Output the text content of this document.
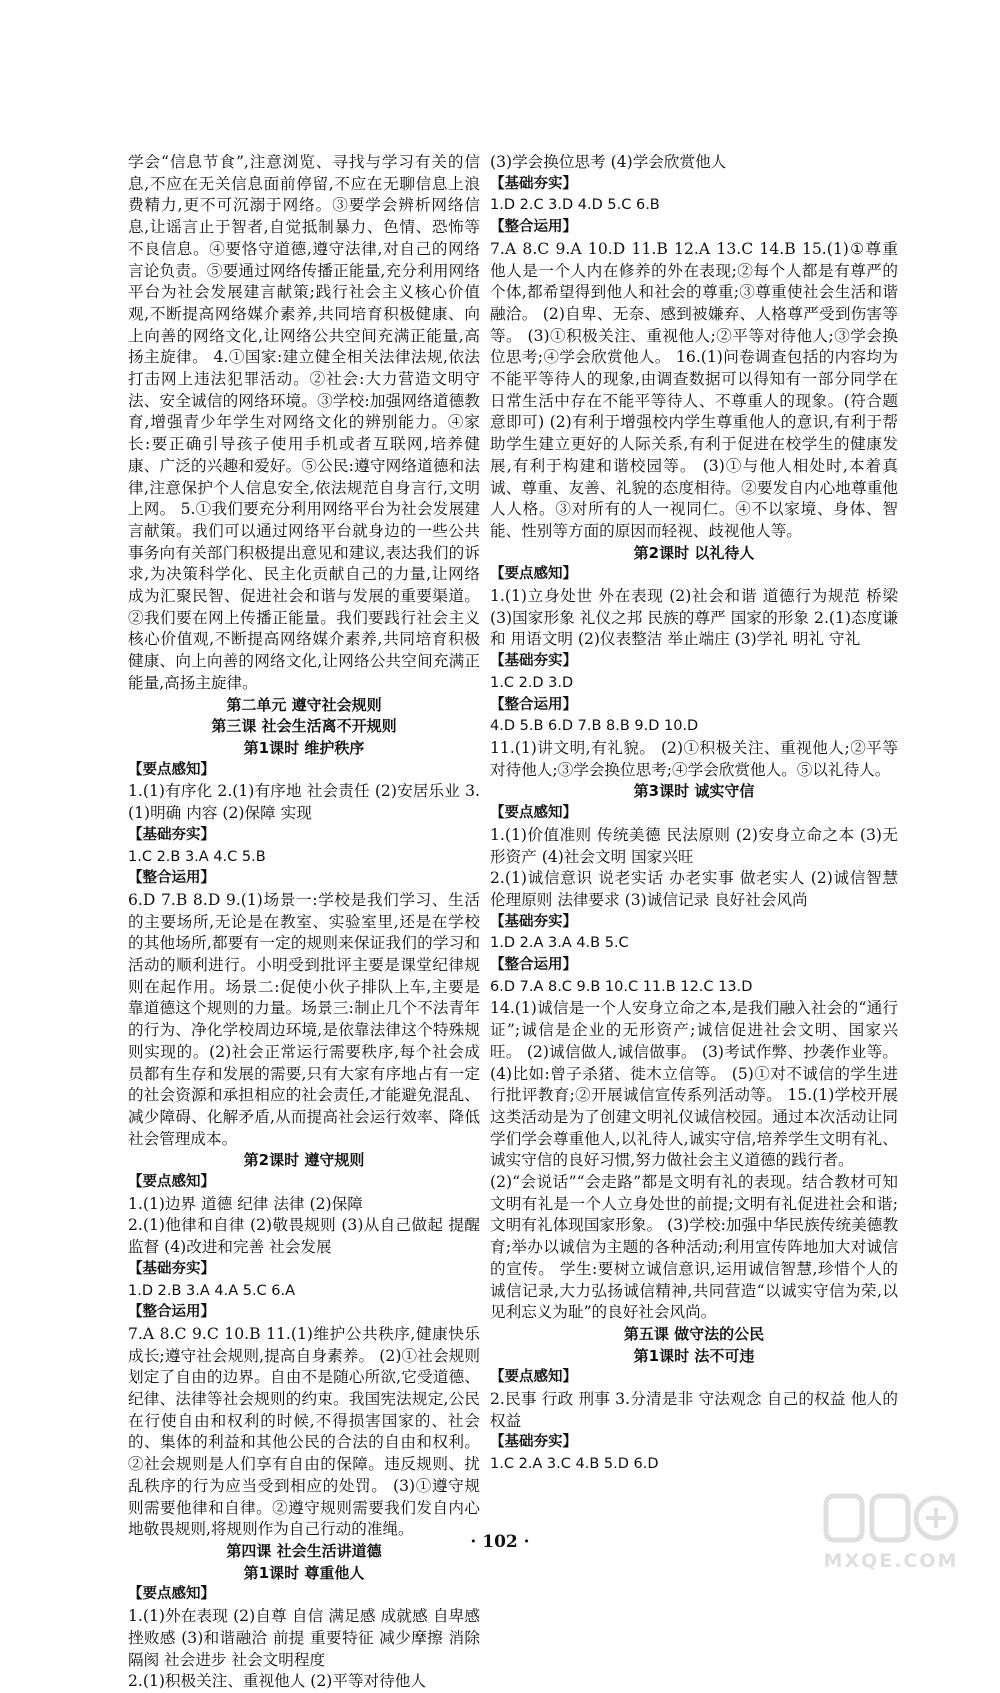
学会“信息节食”,注意浏览、寻找与学习有关的信息,不应在无关信息面前停留,不应在无聊信息上浪费精力,更不可沉溺于网络。③要学会辨析网络信息,让谣言止于智者,自觉抵制暴力、色情、恐怖等不良信息。④要恪守道德,遵守法律,对自己的网络言论负责。⑤要通过网络传播正能量,充分利用网络平台为社会发展建言献策;践行社会主义核心价值观,不断提高网络媒介素养,共同培育积极健康、向上向善的网络文化,让网络公共空间充满正能量,高扬主旋律。 4.①国家:建立健全相关法律法规,依法打击网上违法犯罪活动。②社会:大力营造文明守法、安全诚信的网络环境。③学校:加强网络道德教育,增强青少年学生对网络文化的辨别能力。④家长:要正确引导孩子使用手机或者互联网,培养健康、广泛的兴趣和爱好。⑤公民:遵守网络道德和法律,注意保护个人信息安全,依法规范自身言行,文明上网。 5.①我们要充分利用网络平台为社会发展建言献策。我们可以通过网络平台就身边的一些公共事务向有关部门积极提出意见和建议,表达我们的诉求,为决策科学化、民主化贡献自己的力量,让网络成为汇聚民智、促进社会和谐与发展的重要渠道。②我们要在网上传播正能量。我们要践行社会主义核心价值观,不断提高网络媒介素养,共同培育积极健康、向上向善的网络文化,让网络公共空间充满正能量,高扬主旋律。

第二单元 遵守社会规则
第三课 社会生活离不开规则
第1课时 维护秩序

【要点感知】

1.(1)有序化 2.(1)有序地 社会责任 (2)安居乐业 3.(1)明确 内容 (2)保障 实现

【基础夯实】

1.C 2.B 3.A 4.C 5.B

【整合运用】

6.D 7.B 8.D 9.(1)场景一:学校是我们学习、生活的主要场所,无论是在教室、实验室里,还是在学校的其他场所,都要有一定的规则来保证我们的学习和活动的顺利进行。小明受到批评主要是课堂纪律规则在起作用。场景二:促使小伙子排队上车,主要是靠道德这个规则的力量。场景三:制止几个不法青年的行为、净化学校周边环境,是依靠法律这个特殊规则实现的。(2)社会正常运行需要秩序,每个社会成员都有生存和发展的需要,只有大家有序地占有一定的社会资源和承担相应的社会责任,才能避免混乱、减少障碍、化解矛盾,从而提高社会运行效率、降低社会管理成本。

第2课时 遵守规则

【要点感知】

1.(1)边界 道德 纪律 法律 (2)保障

2.(1)他律和自律 (2)敬畏规则 (3)从自己做起 提醒 监督 (4)改进和完善 社会发展

【基础夯实】

1.D 2.B 3.A 4.A 5.C 6.A

【整合运用】

7.A 8.C 9.C 10.B 11.(1)维护公共秩序,健康快乐成长;遵守社会规则,提高自身素养。 (2)①社会规则划定了自由的边界。自由不是随心所欲,它受道德、纪律、法律等社会规则的约束。我国宪法规定,公民在行使自由和权利的时候,不得损害国家的、社会的、集体的利益和其他公民的合法的自由和权利。②社会规则是人们享有自由的保障。违反规则、扰乱秩序的行为应当受到相应的处罚。 (3)①遵守规则需要他律和自律。②遵守规则需要我们发自内心地敬畏规则,将规则作为自己行动的准绳。

第四课 社会生活讲道德
第1课时 尊重他人

【要点感知】

1.(1)外在表现 (2)自尊 自信 满足感 成就感 自卑感 挫败感 (3)和谐融洽 前提 重要特征 减少摩擦 消除隔阂 社会进步 社会文明程度

2.(1)积极关注、重视他人 (2)平等对待他人

(3)学会换位思考 (4)学会欣赏他人

【基础夯实】

1.D 2.C 3.D 4.D 5.C 6.B

【整合运用】

7.A 8.C 9.A 10.D 11.B 12.A 13.C 14.B 15.(1)①尊重他人是一个人内在修养的外在表现;②每个人都是有尊严的个体,都希望得到他人和社会的尊重;③尊重使社会生活和谐融洽。 (2)自卑、无奈、感到被嫌弃、人格尊严受到伤害等等。 (3)①积极关注、重视他人;②平等对待他人;③学会换位思考;④学会欣赏他人。 16.(1)问卷调查包括的内容均为不能平等待人的现象,由调查数据可以得知有一部分同学在日常生活中存在不能平等待人、不尊重人的现象。(符合题意即可) (2)有利于增强校内学生尊重他人的意识,有利于帮助学生建立更好的人际关系,有利于促进在校学生的健康发展,有利于构建和谐校园等。 (3)①与他人相处时,本着真诚、尊重、友善、礼貌的态度相待。②要发自内心地尊重他人人格。③对所有的人一视同仁。④不以家境、身体、智能、性别等方面的原因而轻视、歧视他人等。

第2课时 以礼待人

【要点感知】

1.(1)立身处世 外在表现 (2)社会和谐 道德行为规范 桥梁 (3)国家形象 礼仪之邦 民族的尊严 国家的形象 2.(1)态度谦和 用语文明 (2)仪表整洁 举止端庄 (3)学礼 明礼 守礼

【基础夯实】

1.C 2.D 3.D

【整合运用】

4.D 5.B 6.D 7.B 8.B 9.D 10.D

11.(1)讲文明,有礼貌。 (2)①积极关注、重视他人;②平等对待他人;③学会换位思考;④学会欣赏他人。⑤以礼待人。

第3课时 诚实守信

【要点感知】

1.(1)价值准则 传统美德 民法原则 (2)安身立命之本 (3)无形资产 (4)社会文明 国家兴旺

2.(1)诚信意识 说老实话 办老实事 做老实人 (2)诚信智慧 伦理原则 法律要求 (3)诚信记录 良好社会风尚

【基础夯实】

1.D 2.A 3.A 4.B 5.C

【整合运用】

6.D 7.A 8.C 9.B 10.C 11.B 12.C 13.D

14.(1)诚信是一个人安身立命之本,是我们融入社会的“通行证”;诚信是企业的无形资产;诚信促进社会文明、国家兴旺。 (2)诚信做人,诚信做事。 (3)考试作弊、抄袭作业等。 (4)比如:曾子杀猪、徙木立信等。 (5)①对不诚信的学生进行批评教育;②开展诚信宣传系列活动等。 15.(1)学校开展这类活动是为了创建文明礼仪诚信校园。通过本次活动让同学们学会尊重他人,以礼待人,诚实守信,培养学生文明有礼、诚实守信的良好习惯,努力做社会主义道德的践行者。

(2)“会说话”“会走路”都是文明有礼的表现。结合教材可知文明有礼是一个人立身处世的前提;文明有礼促进社会和谐;文明有礼体现国家形象。 (3)学校:加强中华民族传统美德教育;举办以诚信为主题的各种活动;利用宣传阵地加大对诚信的宣传。 学生:要树立诚信意识,运用诚信智慧,珍惜个人的诚信记录,大力弘扬诚信精神,共同营造“以诚实守信为荣,以见利忘义为耻”的良好社会风尚。

第五课 做守法的公民
第1课时 法不可违

【要点感知】

2.民事 行政 刑事 3.分清是非 守法观念 自己的权益 他人的权益

【基础夯实】

1.C 2.A 3.C 4.B 5.D 6.D

· 102 ·
MXQE.COM
